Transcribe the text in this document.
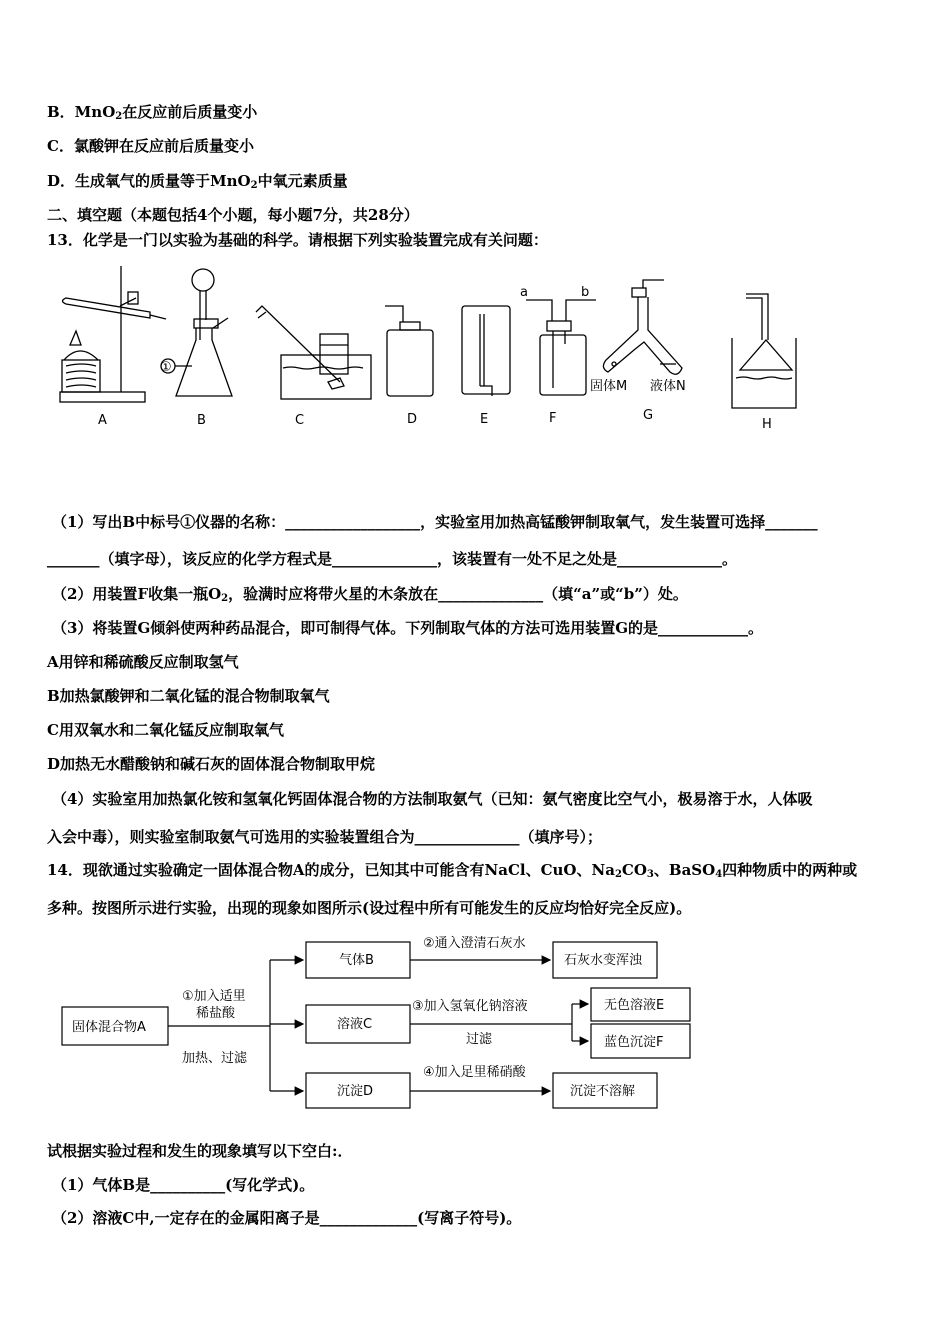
B．MnO$_2$在反应前后质量变小
C．氯酸钾在反应前后质量变小
D．生成氧气的质量等于MnO$_2$中氧元素质量
二、填空题（本题包括4个小题，每小题7分，共28分）
13．化学是一门以实验为基础的科学。请根据下列实验装置完成有关问题：
A	B	C	D	E	F	G
H
①
a	b
固体M 液体N
（1）写出B中标号①仪器的名称：__________________，实验室用加热高锰酸钾制取氧气，发生装置可选择_______
_______（填字母），该反应的化学方程式是______________，该装置有一处不足之处是______________。
（2）用装置F收集一瓶$O_2$，验满时应将带火星的木条放在______________（填“a”或“b”）处。
（3）将装置G倾斜使两种药品混合，即可制得气体。下列制取气体的方法可选用装置G的是____________。
A用锌和稀硫酸反应制取氢气
B加热氯酸钾和二氧化锰的混合物制取氧气
C用双氧水和二氧化锰反应制取氧气
D加热无水醋酸钠和碱石灰的固体混合物制取甲烷
（4）实验室用加热氯化铵和氢氧化钙固体混合物的方法制取氨气（已知：氨气密度比空气小，极易溶于水，人体吸
入会中毒），则实验室制取氨气可选用的实验装置组合为______________（填序号）；
14．现欲通过实验确定一固体混合物A的成分，已知其中可能含有NaCl、CuO、$Na_2CO_3$、BaSO$_4$四种物质中的两种或
多种。按图所示进行实验，出现的现象如图所示(设过程中所有可能发生的反应均恰好完全反应)。
固体混合物A
①加入适里
稀盐酸
加热、过滤
气体B
溶液C
沉淀D
②通入澄清石灰水
③加入氢氧化钠溶液
过滤
④加入足里稀硝酸
石灰水变浑浊
无色溶液E
蓝色沉淀F
沉淀不溶解
试根据实验过程和发生的现象填写以下空白:．
（1）气体B是__________(写化学式)。
（2）溶液C中,一定存在的金属阳离子是_____________(写离子符号)。
